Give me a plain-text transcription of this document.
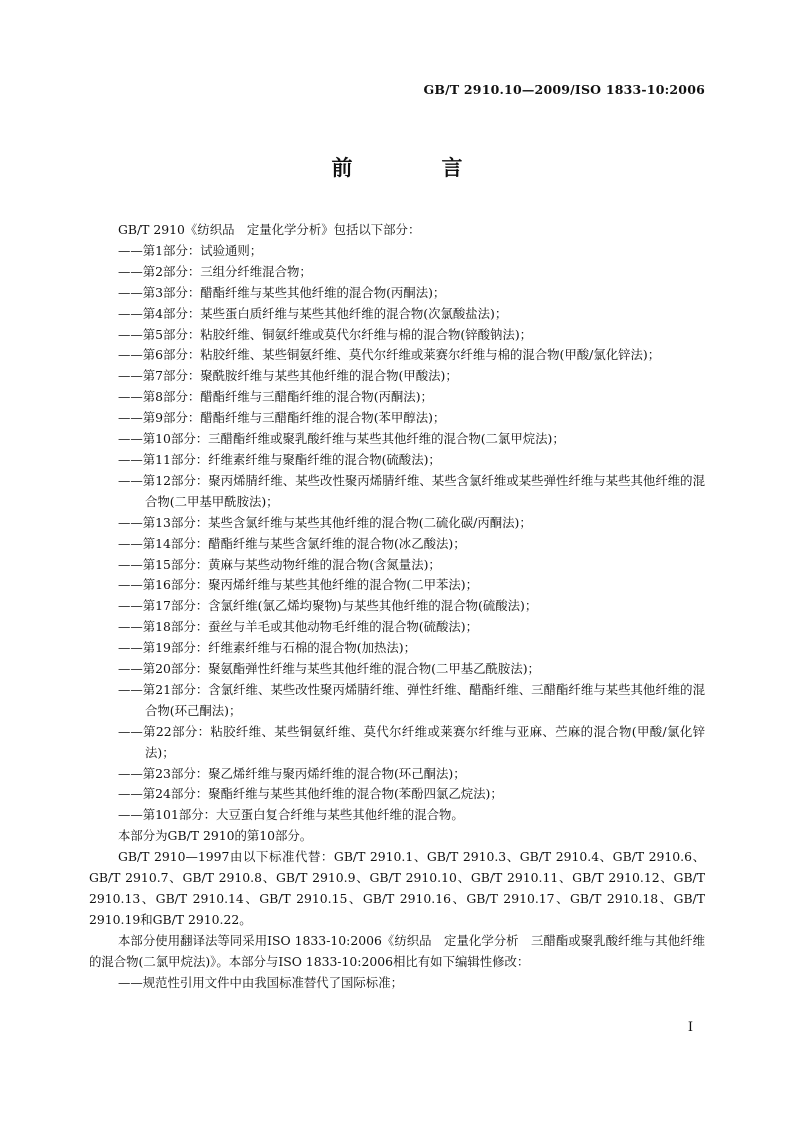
GB/T 2910.10—2009/ISO 1833-10:2006
前　言

GB/T 2910《纺织品　定量化学分析》包括以下部分：

——第1部分：试验通则；

——第2部分：三组分纤维混合物；

——第3部分：醋酯纤维与某些其他纤维的混合物(丙酮法)；

——第4部分：某些蛋白质纤维与某些其他纤维的混合物(次氯酸盐法)；

——第5部分：粘胶纤维、铜氨纤维或莫代尔纤维与棉的混合物(锌酸钠法)；

——第6部分：粘胶纤维、某些铜氨纤维、莫代尔纤维或莱赛尔纤维与棉的混合物(甲酸/氯化锌法)；

——第7部分：聚酰胺纤维与某些其他纤维的混合物(甲酸法)；

——第8部分：醋酯纤维与三醋酯纤维的混合物(丙酮法)；

——第9部分：醋酯纤维与三醋酯纤维的混合物(苯甲醇法)；

——第10部分：三醋酯纤维或聚乳酸纤维与某些其他纤维的混合物(二氯甲烷法)；

——第11部分：纤维素纤维与聚酯纤维的混合物(硫酸法)；

——第12部分：聚丙烯腈纤维、某些改性聚丙烯腈纤维、某些含氯纤维或某些弹性纤维与某些其他纤维的混合物(二甲基甲酰胺法)；

——第13部分：某些含氯纤维与某些其他纤维的混合物(二硫化碳/丙酮法)；

——第14部分：醋酯纤维与某些含氯纤维的混合物(冰乙酸法)；

——第15部分：黄麻与某些动物纤维的混合物(含氮量法)；

——第16部分：聚丙烯纤维与某些其他纤维的混合物(二甲苯法)；

——第17部分：含氯纤维(氯乙烯均聚物)与某些其他纤维的混合物(硫酸法)；

——第18部分：蚕丝与羊毛或其他动物毛纤维的混合物(硫酸法)；

——第19部分：纤维素纤维与石棉的混合物(加热法)；

——第20部分：聚氨酯弹性纤维与某些其他纤维的混合物(二甲基乙酰胺法)；

——第21部分：含氯纤维、某些改性聚丙烯腈纤维、弹性纤维、醋酯纤维、三醋酯纤维与某些其他纤维的混合物(环己酮法)；

——第22部分：粘胶纤维、某些铜氨纤维、莫代尔纤维或莱赛尔纤维与亚麻、苎麻的混合物(甲酸/氯化锌法)；

——第23部分：聚乙烯纤维与聚丙烯纤维的混合物(环己酮法)；

——第24部分：聚酯纤维与某些其他纤维的混合物(苯酚四氯乙烷法)；

——第101部分：大豆蛋白复合纤维与某些其他纤维的混合物。

本部分为GB/T 2910的第10部分。

GB/T 2910—1997由以下标准代替：GB/T 2910.1、GB/T 2910.3、GB/T 2910.4、GB/T 2910.6、GB/T 2910.7、GB/T 2910.8、GB/T 2910.9、GB/T 2910.10、GB/T 2910.11、GB/T 2910.12、GB/T 2910.13、GB/T 2910.14、GB/T 2910.15、GB/T 2910.16、GB/T 2910.17、GB/T 2910.18、GB/T 2910.19和GB/T 2910.22。

本部分使用翻译法等同采用ISO 1833-10:2006《纺织品　定量化学分析　三醋酯或聚乳酸纤维与其他纤维的混合物(二氯甲烷法)》。本部分与ISO 1833-10:2006相比有如下编辑性修改：

——规范性引用文件中由我国标准替代了国际标准；

I
